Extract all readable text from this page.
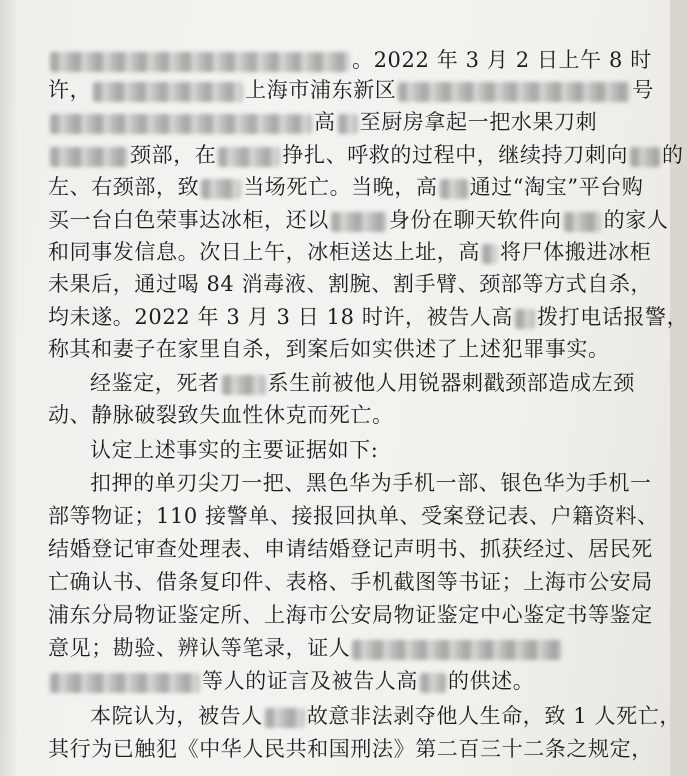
。2022 年 3 月 2 日上午 8 时
许，	上海市浦东新区	号
高 至厨房拿起一把水果刀刺
颈部，在	挣扎、呼救的过程中，继续持刀刺向 的
左、右颈部，致 当场死亡。当晚，高 通过“淘宝”平台购
买一台白色荣事达冰柜，还以	身份在聊天软件向 的家人
和同事发信息。次日上午，冰柜送达上址，高 将尸体搬进冰柜
未果后，通过喝 84 消毒液、割腕、割手臂、颈部等方式自杀，
均未遂。2022 年 3 月 3 日 18 时许，被告人高 拨打电话报警，
称其和妻子在家里自杀，到案后如实供述了上述犯罪事实。
经鉴定，死者 系生前被他人用锐器刺戳颈部造成左颈
动、静脉破裂致失血性休克而死亡。
认定上述事实的主要证据如下:
扣押的单刃尖刀一把、黑色华为手机一部、银色华为手机一
部等物证；110 接警单、接报回执单、受案登记表、户籍资料、
结婚登记审查处理表、申请结婚登记声明书、抓获经过、居民死
亡确认书、借条复印件、表格、手机截图等书证；上海市公安局
浦东分局物证鉴定所、上海市公安局物证鉴定中心鉴定书等鉴定
意见；勘验、辨认等笔录，证人
等人的证言及被告人高 的供述。
本院认为，被告人 故意非法剥夺他人生命，致 1 人死亡，
其行为已触犯《中华人民共和国刑法》第二百三十二条之规定，
